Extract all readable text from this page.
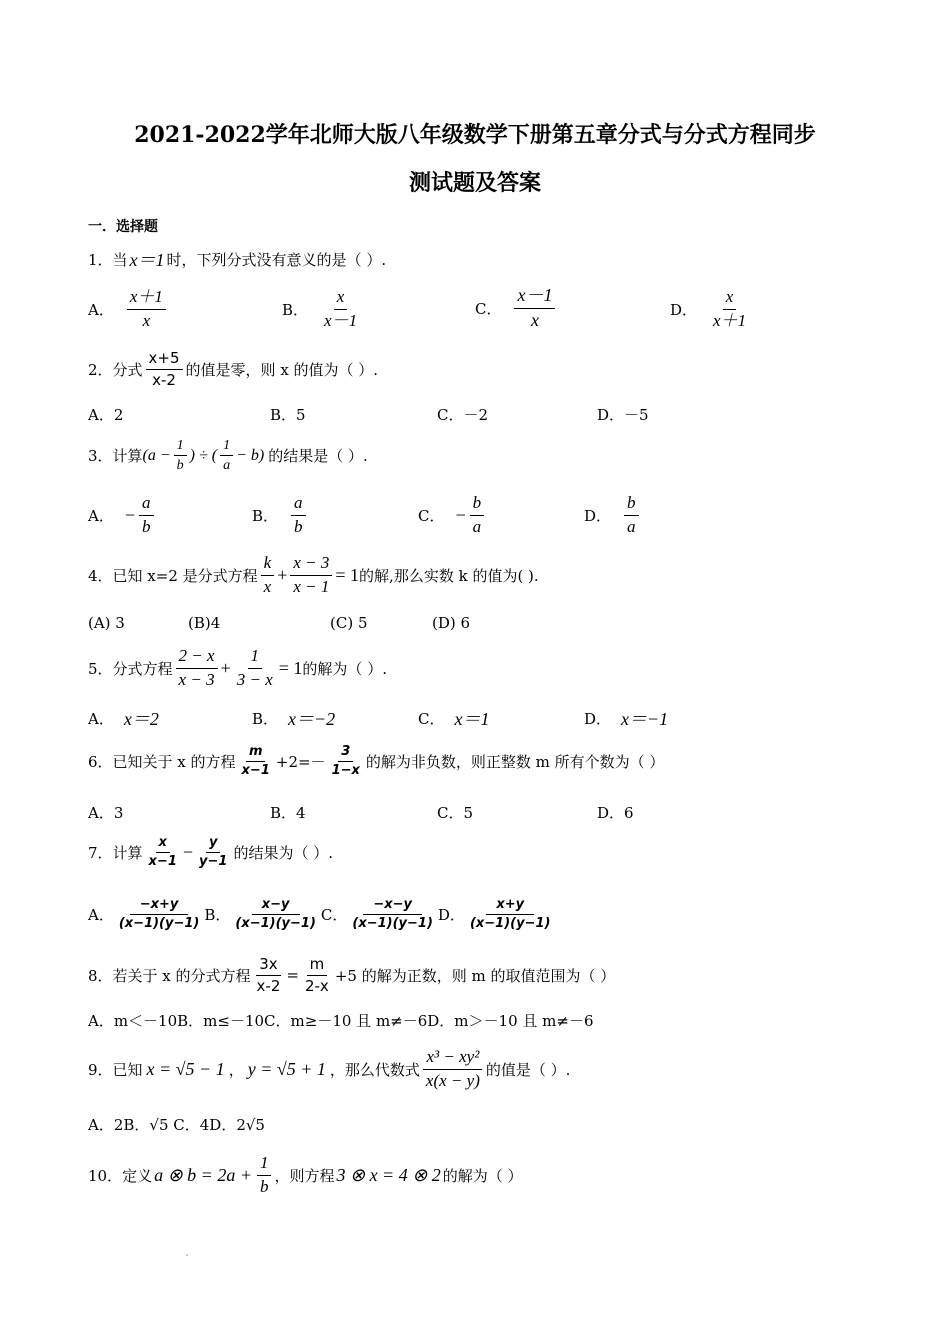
2021-2022学年北师大版八年级数学下册第五章分式与分式方程同步
测试题及答案
一．选择题
1．当 x＝1 时，下列分式没有意义的是（ ）.
A． $\frac{x+1}{x}$	B． $\frac{x}{x-1}$	C． $\frac{x-1}{x}$	D． $\frac{x}{x+1}$
2．分式 $\frac{x+5}{x-2}$ 的值是零，则 x 的值为（ ）.
A．2	B．5	C．－2	D．－5
3．计算 ($a - \frac{1}{b}$ ) ÷ ( $\frac{1}{a} - b$) 的结果是（ ）.
A． − $\frac{a}{b}$	B． $\frac{a}{b}$	C． − $\frac{b}{a}$	D． $\frac{b}{a}$
4．已知 x=2 是分式方程 $\frac{k}{x} + \frac{x - 3}{x - 1} = 1$ 的解,那么实数 k 的值为( ).
(A) 3	(B)4	(C) 5	(D) 6
5．分式方程 $\frac{2 - x}{x - 3} + \frac{1}{3 - x} = 1$ 的解为（ ）.
A． x＝2	B． x＝−2	C． x＝1	D． x＝−1
6．已知关于 x 的方程 $\frac{m}{x-1} +2=- \frac{3}{1-x}$ 的解为非负数，则正整数 m 所有个数为（ ）
A．3	B．4	C．5	D．6
7．计算 $\frac{x}{x-1} - \frac{y}{y-1}$ 的结果为（ ）.
A． $\frac{-x+y}{(x-1)(y-1)}$ B． $\frac{x-y}{(x-1)(y-1)}$ C． $\frac{-x-y}{(x-1)(y-1)}$ D． $\frac{x+y}{(x-1)(y-1)}$
8．若关于 x 的分式方程 $\frac{3x}{x-2} = \frac{m}{2-x} +5$ 的解为正数，则 m 的取值范围为（ ）
A．m＜－10B．m≤－10C．m≥－10 且 m≠－6D．m＞－10 且 m≠－6
9．已知 x = √5 − 1 ， y = √5 + 1 ，那么代数式 $\frac{\text{x³ − xy²}}{x(x - y)}$ 的值是（ ）.
A．2B．√5 C．4D．2√5
10．定义 a ⊗ $b = 2a + \frac{1}{b}$ ，则方程 3 ⊗ x = 4 ⊗ 2 的解为（ ）
